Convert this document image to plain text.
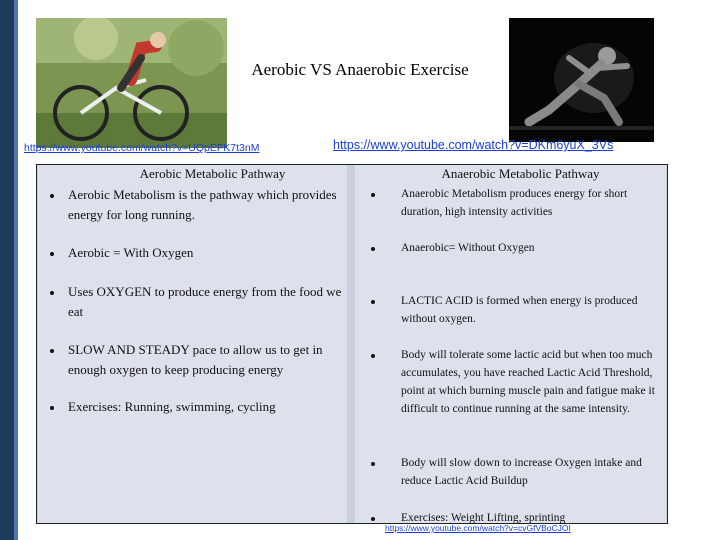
Aerobic VS Anaerobic Exercise
https://www.youtube.com/watch?v=UQpEFK7t3nM	https://www.youtube.com/watch?v=DKm6yuX_3Vs
Aerobic Metabolic Pathway
Aerobic Metabolism is the pathway which provides energy for long running.
Aerobic = With Oxygen
Uses OXYGEN to produce energy from the food we eat
SLOW AND STEADY pace to allow us to get in enough oxygen to keep producing energy
Exercises: Running, swimming, cycling
Anaerobic Metabolic Pathway
Anaerobic Metabolism produces energy for short duration, high intensity activities
Anaerobic= Without Oxygen
LACTIC ACID is formed when energy is produced without oxygen.
Body will tolerate some lactic acid but when too much accumulates, you have reached Lactic Acid Threshold, point at which burning muscle pain and fatigue make it difficult to continue running at the same intensity.
Body will slow down to increase Oxygen intake and reduce Lactic Acid Buildup
Exercises: Weight Lifting, sprinting
https://www.youtube.com/watch?v=cvGfVBoCJOI
